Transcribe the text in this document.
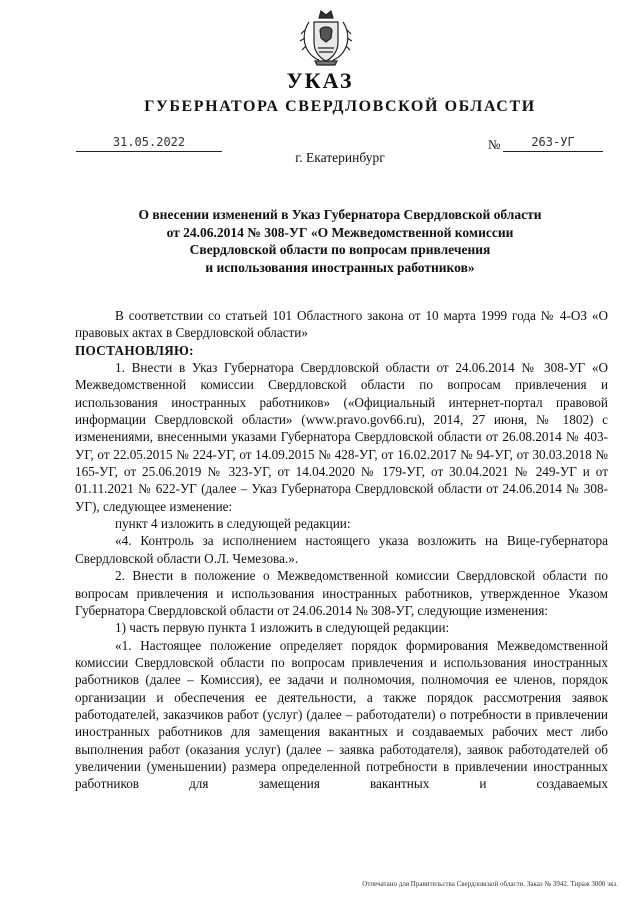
УКАЗ
ГУБЕРНАТОРА СВЕРДЛОВСКОЙ ОБЛАСТИ
31.05.2022	№	263-УГ
г. Екатеринбург
О внесении изменений в Указ Губернатора Свердловской области
от 24.06.2014 № 308-УГ «О Межведомственной комиссии
Свердловской области по вопросам привлечения
и использования иностранных работников»
В соответствии со статьей 101 Областного закона от 10 марта 1999 года № 4-ОЗ «О правовых актах в Свердловской области»
ПОСТАНОВЛЯЮ:
1. Внести в Указ Губернатора Свердловской области от 24.06.2014 № 308-УГ «О Межведомственной комиссии Свердловской области по вопросам привлечения и использования иностранных работников» («Официальный интернет-портал правовой информации Свердловской области» (www.pravo.gov66.ru), 2014, 27 июня, № 1802) с изменениями, внесенными указами Губернатора Свердловской области от 26.08.2014 № 403-УГ, от 22.05.2015 № 224-УГ, от 14.09.2015 № 428-УГ, от 16.02.2017 № 94-УГ, от 30.03.2018 № 165-УГ, от 25.06.2019 № 323-УГ, от 14.04.2020 № 179-УГ, от 30.04.2021 № 249-УГ и от 01.11.2021 № 622-УГ (далее – Указ Губернатора Свердловской области от 24.06.2014 № 308-УГ), следующее изменение:
пункт 4 изложить в следующей редакции:
«4. Контроль за исполнением настоящего указа возложить на Вице-губернатора Свердловской области О.Л. Чемезова.».
2. Внести в положение о Межведомственной комиссии Свердловской области по вопросам привлечения и использования иностранных работников, утвержденное Указом Губернатора Свердловской области от 24.06.2014 № 308-УГ, следующие изменения:
1) часть первую пункта 1 изложить в следующей редакции:
«1. Настоящее положение определяет порядок формирования Межведомственной комиссии Свердловской области по вопросам привлечения и использования иностранных работников (далее – Комиссия), ее задачи и полномочия, полномочия ее членов, порядок организации и обеспечения ее деятельности, а также порядок рассмотрения заявок работодателей, заказчиков работ (услуг) (далее – работодатели) о потребности в привлечении иностранных работников для замещения вакантных и создаваемых рабочих мест либо выполнения работ (оказания услуг) (далее – заявка работодателя), заявок работодателей об увеличении (уменьшении) размера определенной потребности в привлечении иностранных работников для замещения вакантных и создаваемых
Отпечатано для Правительства Свердловской области. Заказ № 3942. Тираж 3000 экз.
